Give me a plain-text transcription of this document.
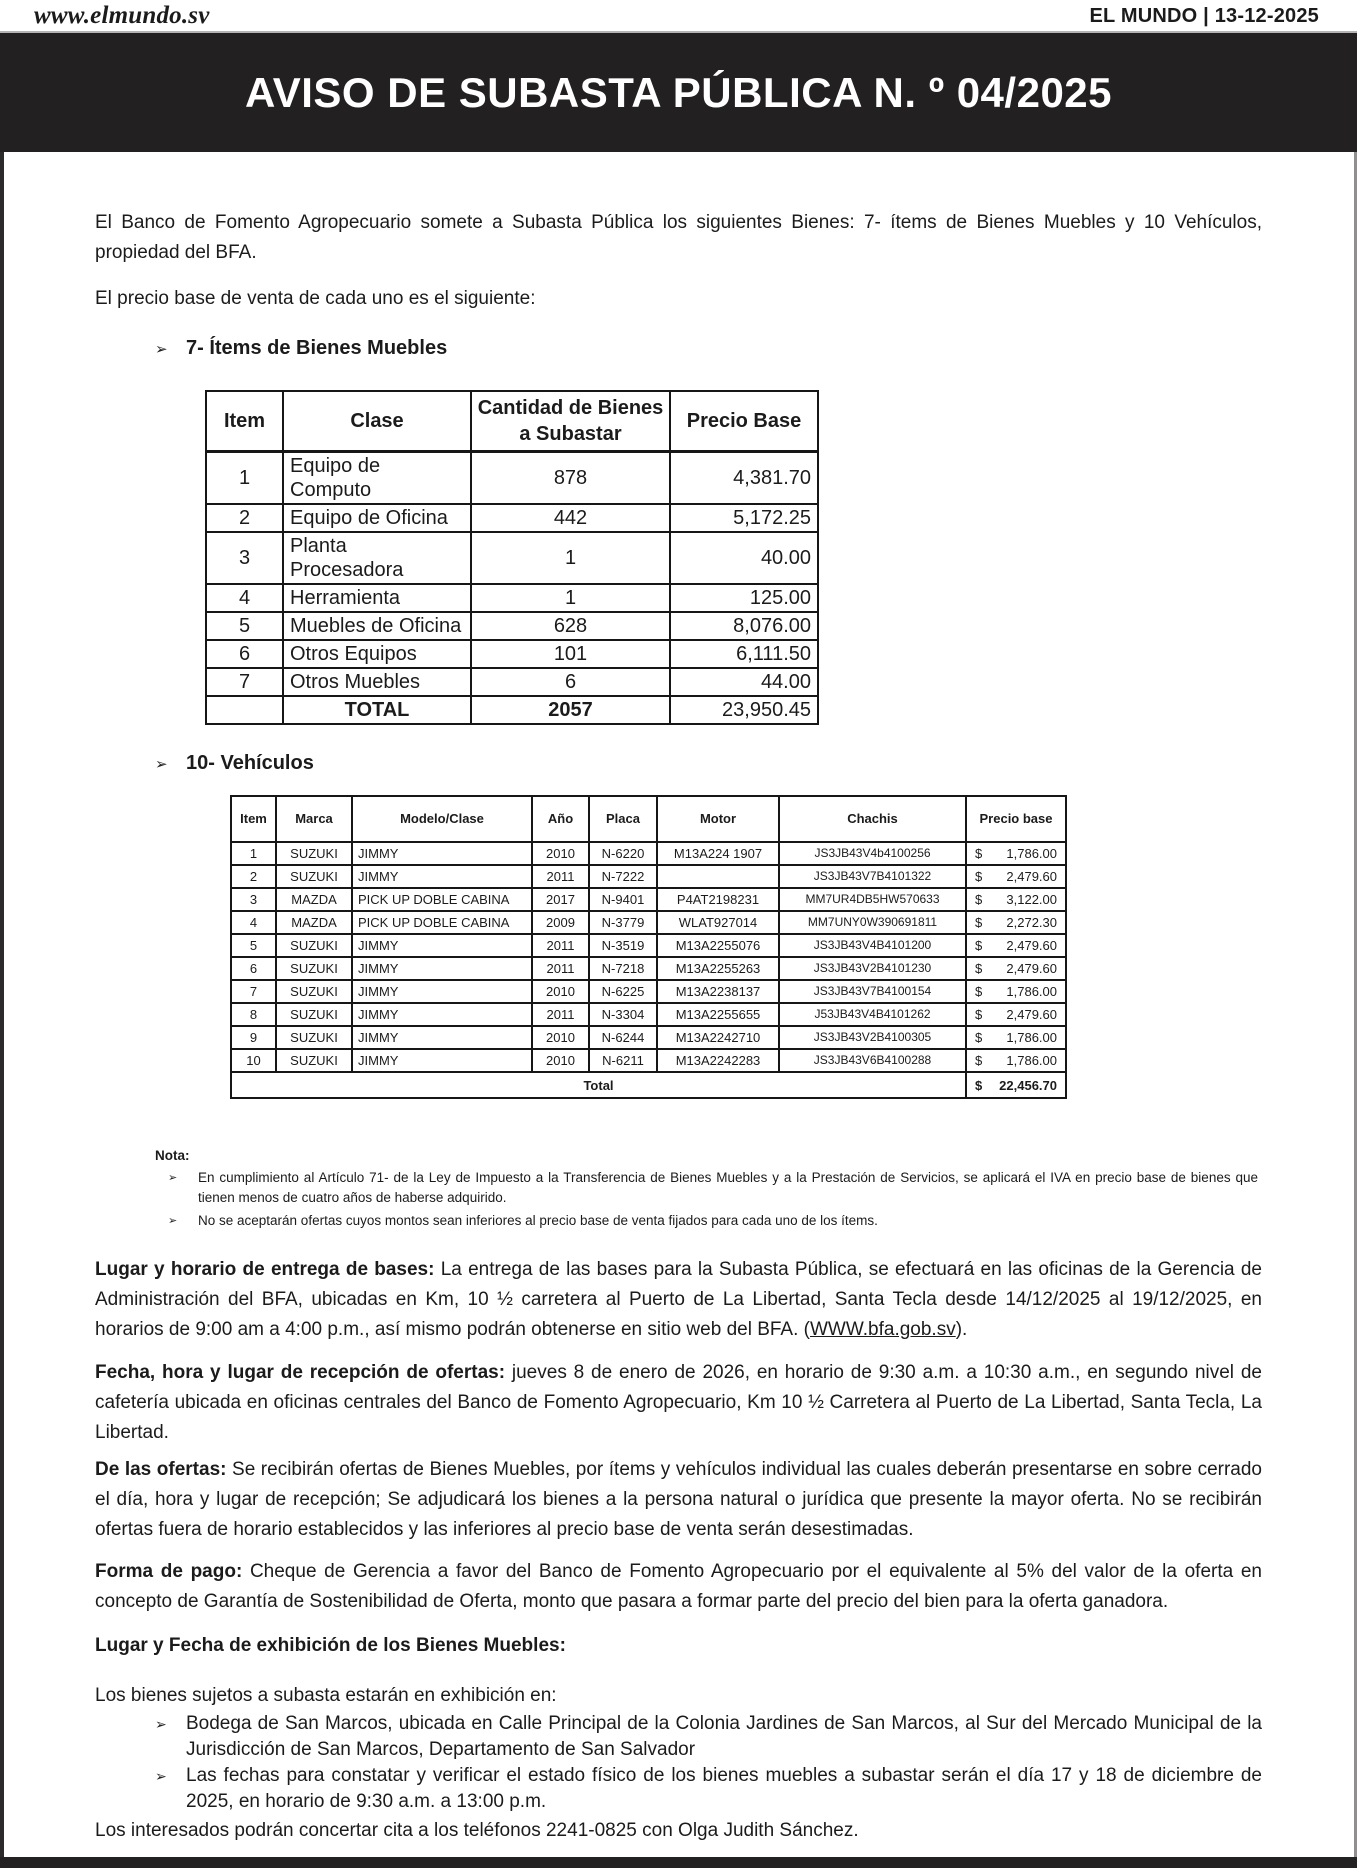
www.elmundo.sv	EL MUNDO | 13-12-2025
AVISO DE SUBASTA PÚBLICA N. º 04/2025

El Banco de Fomento Agropecuario somete a Subasta Pública los siguientes Bienes: 7- ítems de Bienes Muebles y 10 Vehículos, propiedad del BFA.

El precio base de venta de cada uno es el siguiente:

➢ 7- Ítems de Bienes Muebles
Item	Clase	Cantidad de Bienes a Subastar	Precio Base
1	Equipo de Computo	878	4,381.70
2	Equipo de Oficina	442	5,172.25
3	Planta Procesadora	1	40.00
4	Herramienta	1	125.00
5	Muebles de Oficina	628	8,076.00
6	Otros Equipos	101	6,111.50
7	Otros Muebles	6	44.00
	TOTAL	2057	23,950.45
➢ 10- Vehículos
Item	Marca	Modelo/Clase	Año	Placa	Motor	Chachis	Precio base
1	SUZUKI	JIMMY	2010	N-6220	M13A224 1907	JS3JB43V4b4100256	$ 1,786.00

2	SUZUKI	JIMMY	2011	N-7222		JS3JB43V7B4101322	$ 2,479.60

3	MAZDA	PICK UP DOBLE CABINA	2017	N-9401	P4AT2198231	MM7UR4DB5HW570633	$ 3,122.00

4	MAZDA	PICK UP DOBLE CABINA	2009	N-3779	WLAT927014	MM7UNY0W390691811	$ 2,272.30

5	SUZUKI	JIMMY	2011	N-3519	M13A2255076	JS3JB43V4B4101200	$ 2,479.60

6	SUZUKI	JIMMY	2011	N-7218	M13A2255263	JS3JB43V2B4101230	$ 2,479.60

7	SUZUKI	JIMMY	2010	N-6225	M13A2238137	JS3JB43V7B4100154	$ 1,786.00

8	SUZUKI	JIMMY	2011	N-3304	M13A2255655	J53JB43V4B4101262	$ 2,479.60

9	SUZUKI	JIMMY	2010	N-6244	M13A2242710	JS3JB43V2B4100305	$ 1,786.00

10	SUZUKI	JIMMY	2010	N-6211	M13A2242283	JS3JB43V6B4100288	$ 1,786.00

Total							$ 22,456.70
Nota:
➢	En cumplimiento al Artículo 71- de la Ley de Impuesto a la Transferencia de Bienes Muebles y a la Prestación de Servicios, se aplicará el IVA en precio base de bienes que tienen menos de cuatro años de haberse adquirido.
➢	No se aceptarán ofertas cuyos montos sean inferiores al precio base de venta fijados para cada uno de los ítems.

Lugar y horario de entrega de bases: La entrega de las bases para la Subasta Pública, se efectuará en las oficinas de la Gerencia de Administración del BFA, ubicadas en Km, 10 ½ carretera al Puerto de La Libertad, Santa Tecla desde 14/12/2025 al 19/12/2025, en horarios de 9:00 am a 4:00 p.m., así mismo podrán obtenerse en sitio web del BFA. (WWW.bfa.gob.sv).

Fecha, hora y lugar de recepción de ofertas: jueves 8 de enero de 2026, en horario de 9:30 a.m. a 10:30 a.m., en segundo nivel de cafetería ubicada en oficinas centrales del Banco de Fomento Agropecuario, Km 10 ½ Carretera al Puerto de La Libertad, Santa Tecla, La Libertad.

De las ofertas: Se recibirán ofertas de Bienes Muebles, por ítems y vehículos individual las cuales deberán presentarse en sobre cerrado el día, hora y lugar de recepción; Se adjudicará los bienes a la persona natural o jurídica que presente la mayor oferta. No se recibirán ofertas fuera de horario establecidos y las inferiores al precio base de venta serán desestimadas.

Forma de pago: Cheque de Gerencia a favor del Banco de Fomento Agropecuario por el equivalente al 5% del valor de la oferta en concepto de Garantía de Sostenibilidad de Oferta, monto que pasara a formar parte del precio del bien para la oferta ganadora.

Lugar y Fecha de exhibición de los Bienes Muebles:

Los bienes sujetos a subasta estarán en exhibición en:

➢	Bodega de San Marcos, ubicada en Calle Principal de la Colonia Jardines de San Marcos, al Sur del Mercado Municipal de la Jurisdicción de San Marcos, Departamento de San Salvador
➢	Las fechas para constatar y verificar el estado físico de los bienes muebles a subastar serán el día 17 y 18 de diciembre de 2025, en horario de 9:30 a.m. a 13:00 p.m.

Los interesados podrán concertar cita a los teléfonos 2241-0825 con Olga Judith Sánchez.
